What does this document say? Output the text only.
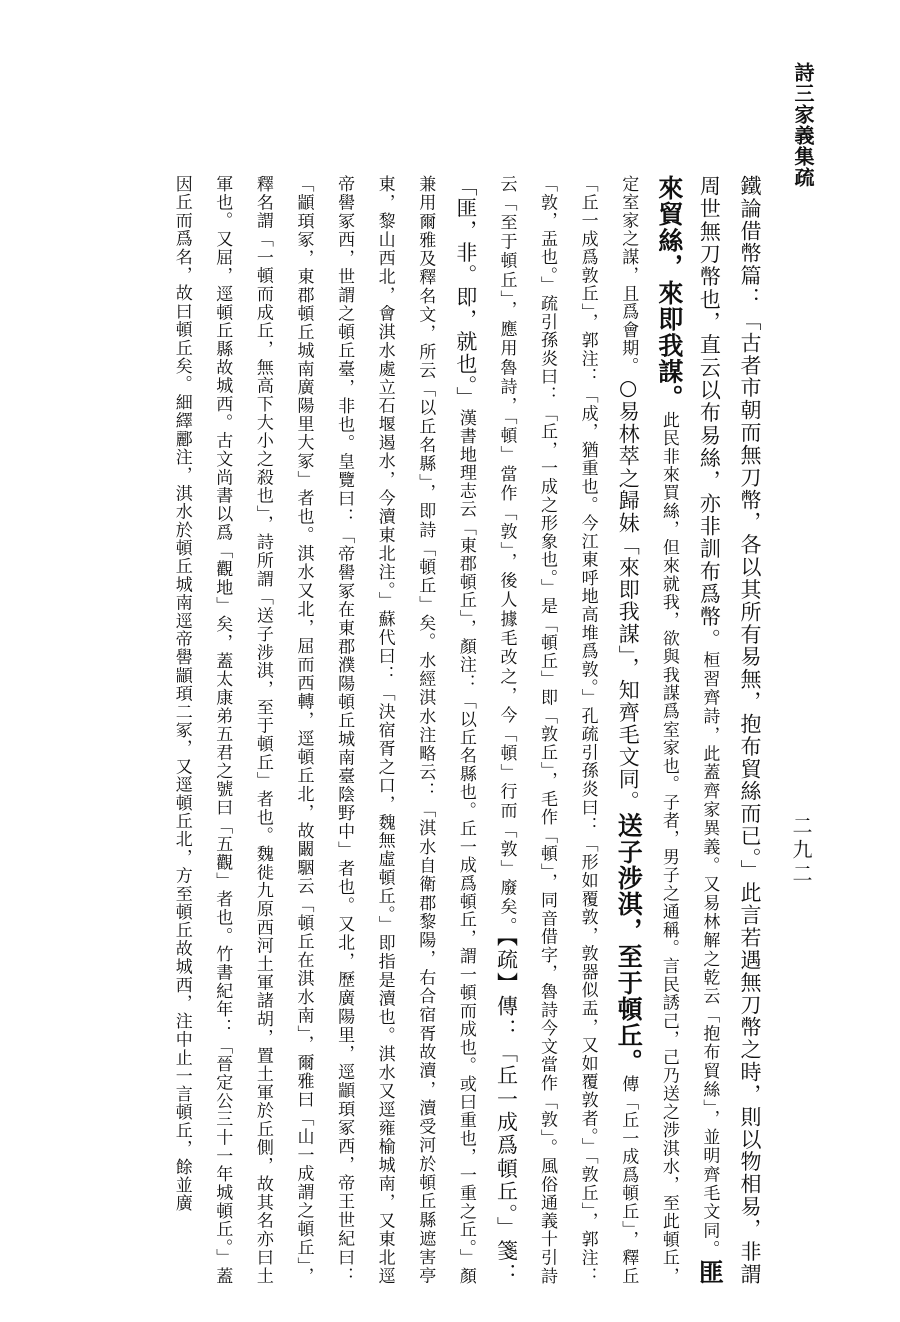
詩三家義集疏
二九二
鐵論借幣篇：「古者市朝而無刀幣，各以其所有易無，抱布貿絲而已。」此言若遇無刀幣之時，則以物相易，非謂周世無刀幣也，直云以布易絲，亦非訓布爲幣。桓習齊詩，此蓋齊家異義。又易林解之乾云「抱布貿絲」，並明齊毛文同。匪來貿絲，來即我謀。此民非來買絲，但來就我，欲與我謀爲室家也。子者，男子之通稱。言民誘己，己乃送之涉淇水，至此頓丘，定室家之謀，且爲會期。○易林萃之歸妹「來即我謀」，知齊毛文同。送子涉淇，至于頓丘。傳「丘一成爲頓丘」，釋丘「丘一成爲敦丘」，郭注：「成，猶重也。今江東呼地高堆爲敦。」孔疏引孫炎曰：「形如覆敦，敦器似盂，又如覆敦者。」「敦丘」，郭注：「敦，盂也。」疏引孫炎曰：「丘，一成之形象也。」是「頓丘」即「敦丘」，毛作「頓」，同音借字，魯詩今文當作「敦」。風俗通義十引詩云「至于頓丘」，應用魯詩，「頓」當作「敦」，後人據毛改之，今「頓」行而「敦」廢矣。【疏】傳：「丘一成爲頓丘。」箋：「匪，非。即，就也。」漢書地理志云「東郡頓丘」，顏注：「以丘名縣也。丘一成爲頓丘，謂一頓而成也。或曰重也，一重之丘。」顏兼用爾雅及釋名文，所云「以丘名縣」，即詩「頓丘」矣。水經淇水注略云：「淇水自衛郡黎陽，右合宿胥故瀆，瀆受河於頓丘縣遮害亭東，黎山西北，會淇水處立石堰遏水，今瀆東北注。」蘇代曰：「決宿胥之口，魏無虛頓丘。」即指是瀆也。淇水又逕雍榆城南，又東北逕帝嚳冢西，世謂之頓丘臺，非也。皇覽曰：「帝嚳冢在東郡濮陽頓丘城南臺陰野中」者也。又北，歷廣陽里，逕顓頊冢西，帝王世紀曰：「顓頊冢，東郡頓丘城南廣陽里大冢」者也。淇水又北，屈而西轉，逕頓丘北，故闞駰云「頓丘在淇水南」，爾雅曰「山一成謂之頓丘」，釋名謂「一頓而成丘，無高下大小之殺也」，詩所謂「送子涉淇，至于頓丘」者也。魏徙九原西河土軍諸胡，置土軍於丘側，故其名亦曰土軍也。又屈，逕頓丘縣故城西。古文尚書以爲「觀地」矣，蓋太康弟五君之號曰「五觀」者也。竹書紀年：「晉定公三十一年城頓丘。」蓋因丘而爲名，故曰頓丘矣。細繹酈注，淇水於頓丘城南逕帝嚳顓頊二冢，又逕頓丘北，方至頓丘故城西，注中止一言頓丘，餘並廣
